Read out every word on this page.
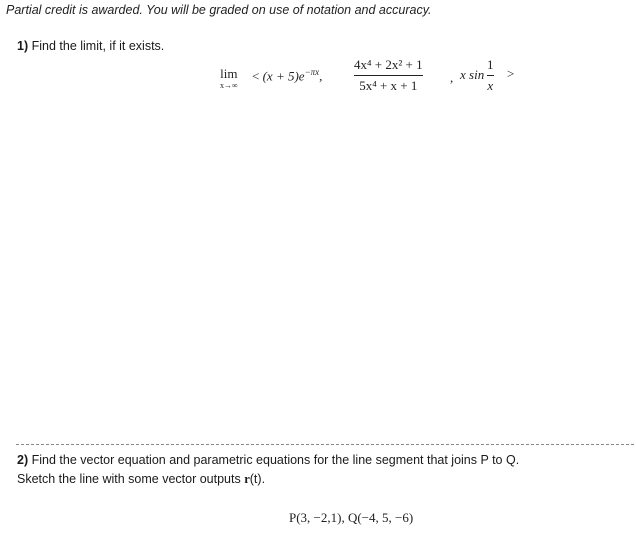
Partial credit is awarded. You will be graded on use of notation and accuracy.
1) Find the limit, if it exists.
lim
x→∞
< $(x + 5)e^{-\pi x}$,
4x⁴ + 2x² + 1
5x⁴ + x + 1
, x sin
1
x
>
2) Find the vector equation and parametric equations for the line segment that joins P to Q.
Sketch the line with some vector outputs r(t).
P(3, −2,1), Q(−4, 5, −6)
